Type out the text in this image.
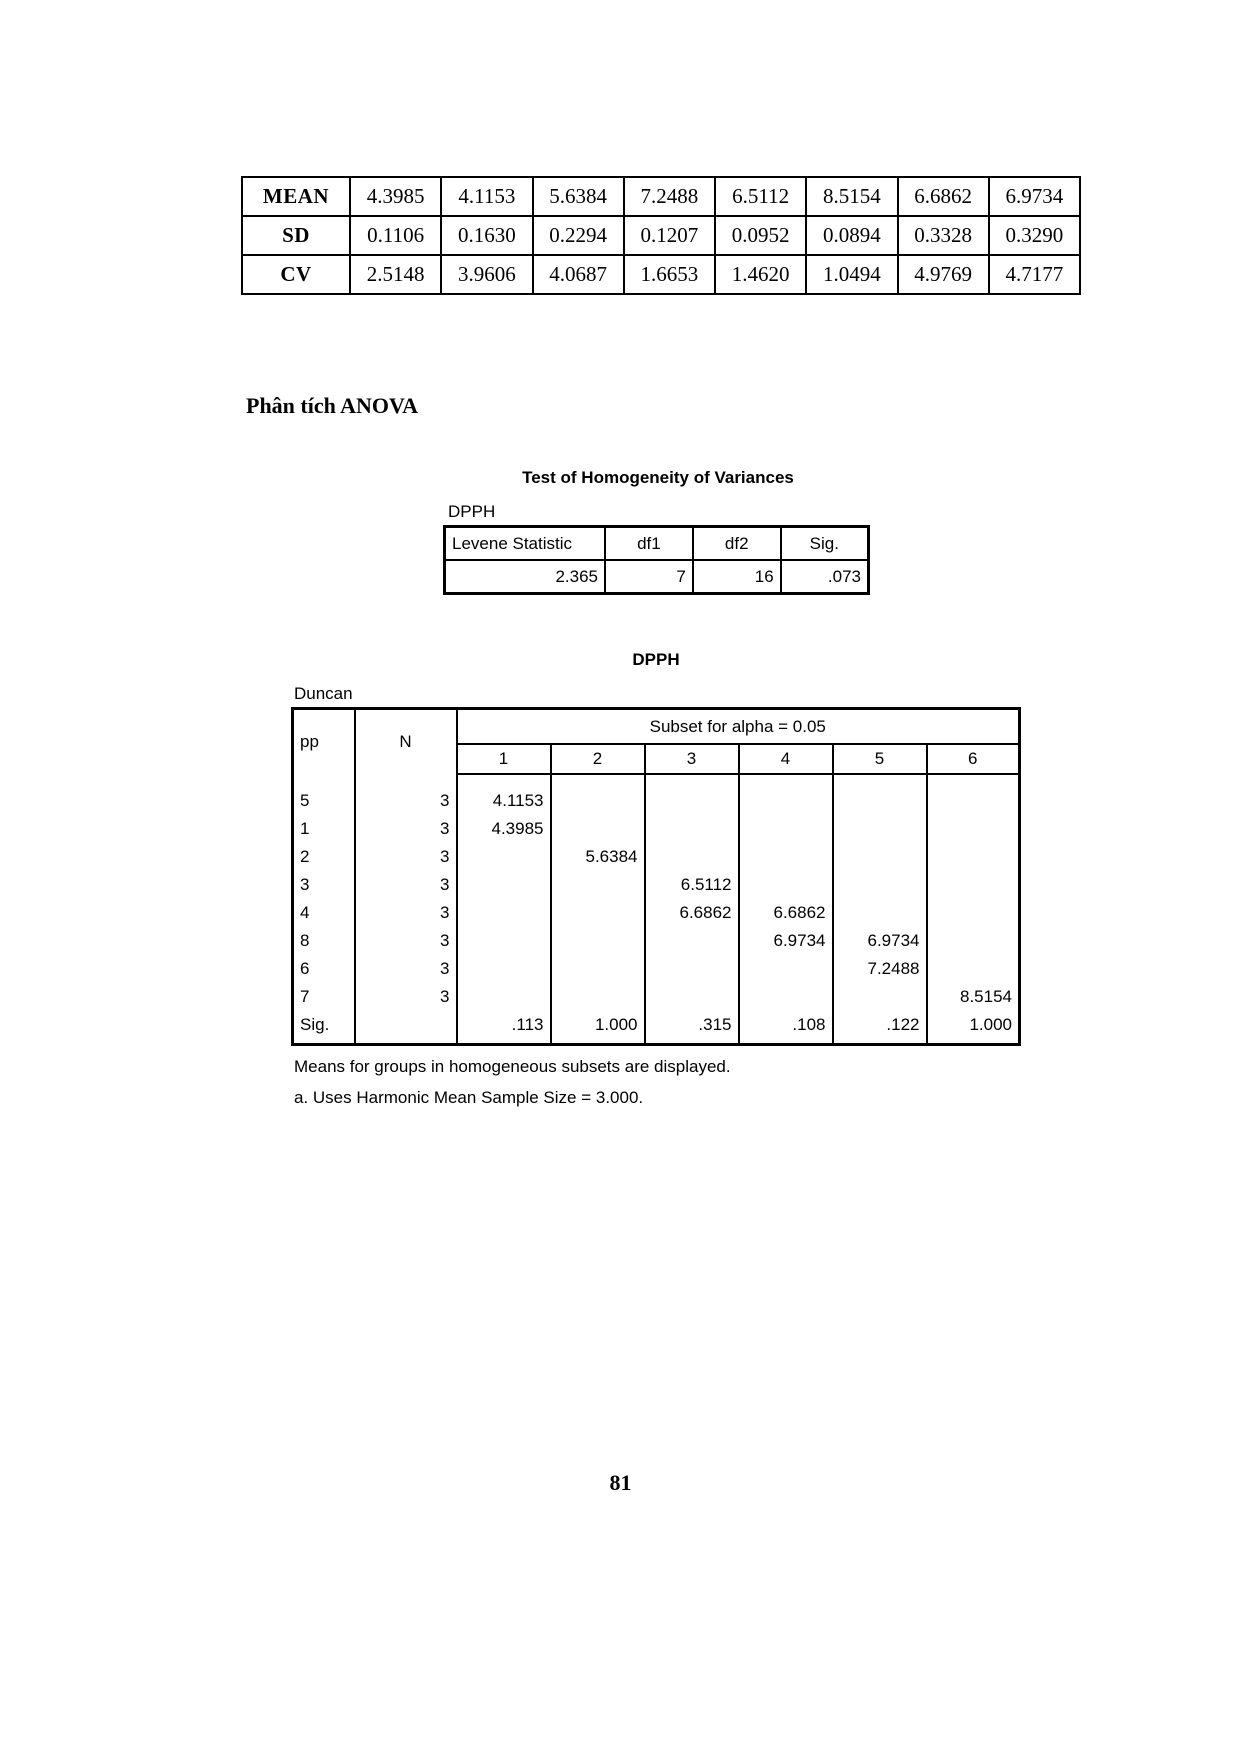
MEAN	4.3985	4.1153	5.6384	7.2488	6.5112	8.5154	6.6862	6.9734
SD	0.1106	0.1630	0.2294	0.1207	0.0952	0.0894	0.3328	0.3290
CV	2.5148	3.9606	4.0687	1.6653	1.4620	1.0494	4.9769	4.7177
Phân tích ANOVA
Test of Homogeneity of Variances
DPPH
Levene Statistic	df1	df2	Sig.
2.365	7	16	.073
DPPH
Duncan
pp	N	Subset for alpha = 0.05					
		1	2	3	4	5	6
5	3	4.1153					
1	3	4.3985					
2	3		5.6384				
3	3			6.5112			
4	3			6.6862	6.6862		
8	3				6.9734	6.9734	
6	3					7.2488	
7	3						8.5154
Sig.		.113	1.000	.315	.108	.122	1.000
Means for groups in homogeneous subsets are displayed.
a. Uses Harmonic Mean Sample Size = 3.000.
81
